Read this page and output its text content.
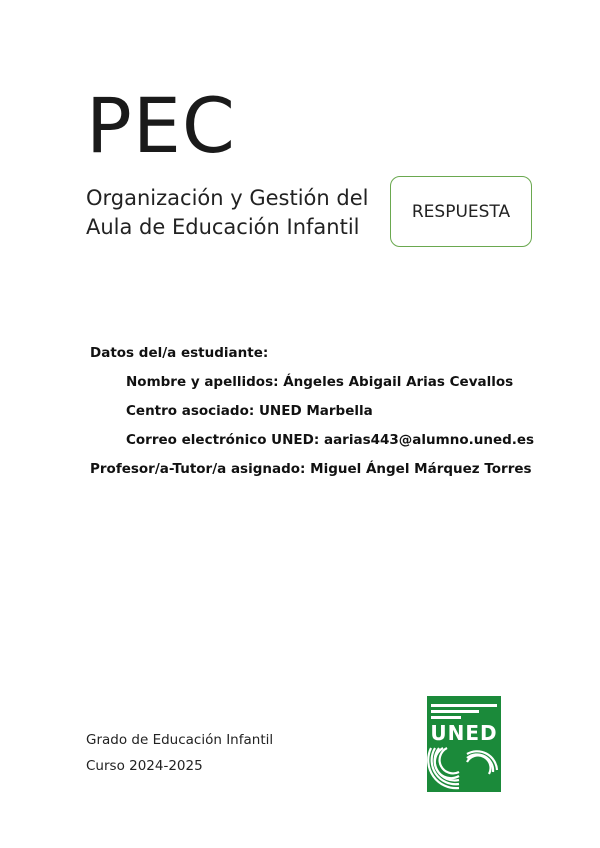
PEC
Organización y Gestión del
Aula de Educación Infantil
RESPUESTA
Datos del/a estudiante:
Nombre y apellidos: Ángeles Abigail Arias Cevallos
Centro asociado: UNED Marbella
Correo electrónico UNED: aarias443@alumno.uned.es
Profesor/a-Tutor/a asignado: Miguel Ángel Márquez Torres
Grado de Educación Infantil
Curso 2024-2025
UNED
